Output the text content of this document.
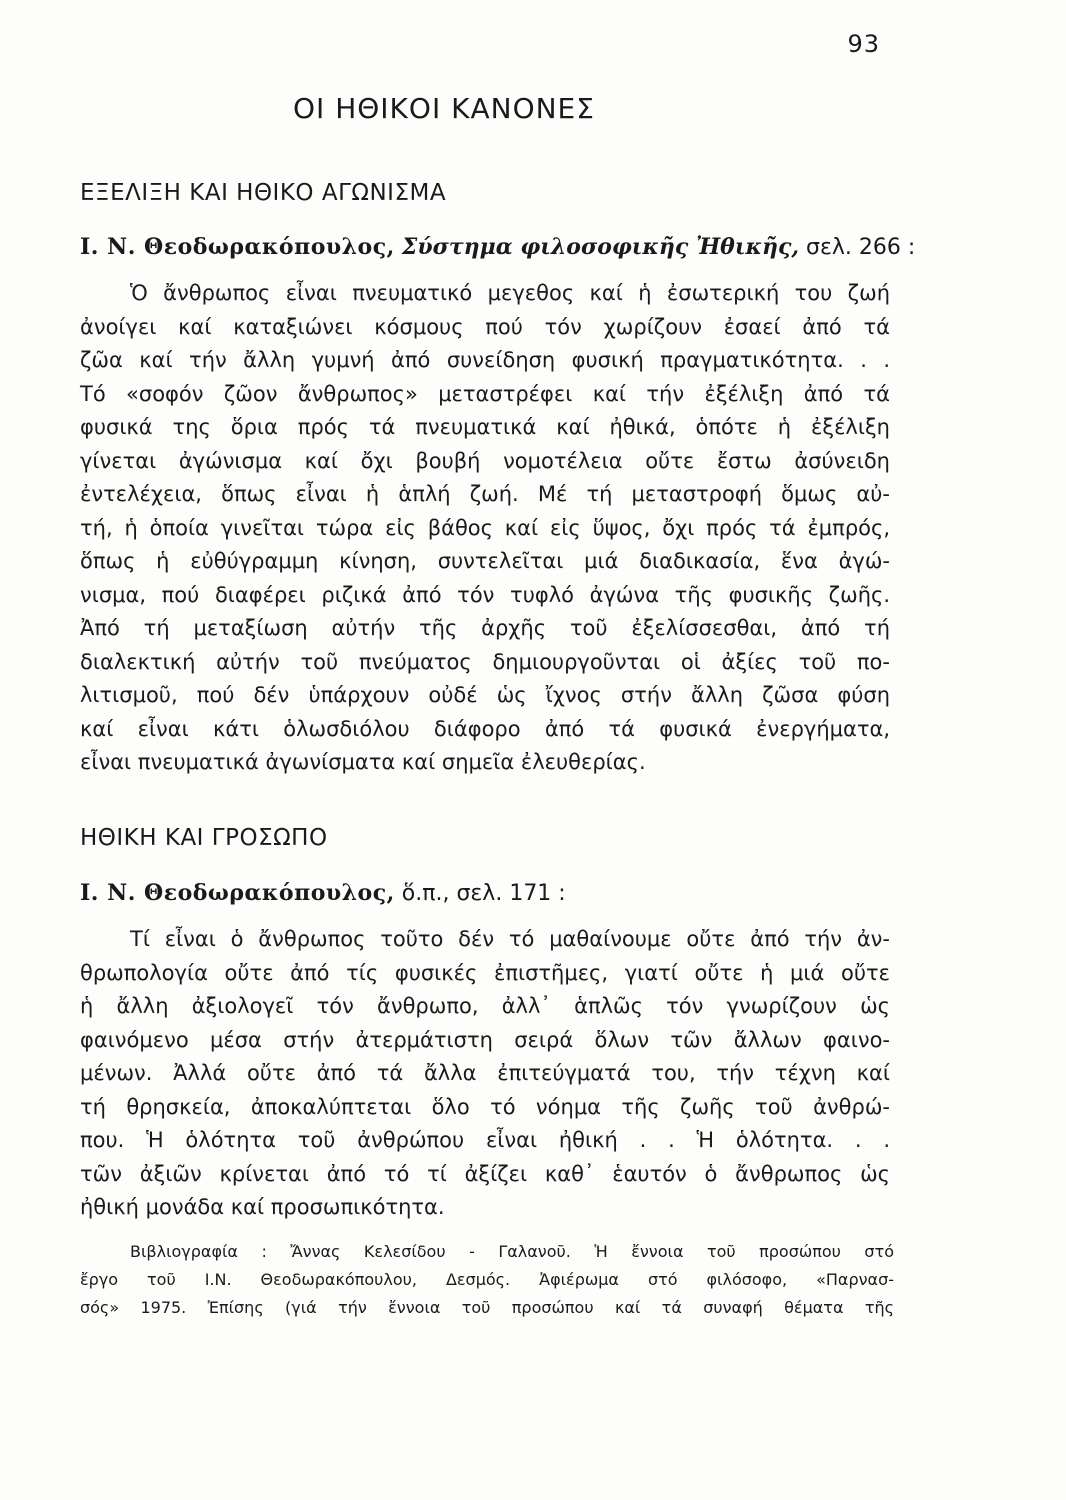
93
ΟΙ ΗΘΙΚΟΙ ΚΑΝΟΝΕΣ
ΕΞΕΛΙΞΗ ΚΑΙ ΗΘΙΚΟ ΑΓΩΝΙΣΜΑ
Ι. Ν. Θεοδωρακόπουλος, Σύστημα φιλοσοφικῆς Ἠθικῆς, σελ. 266 :
Ὁ ἄνθρωπος εἶναι πνευματικό μεγεθος καί ἡ ἐσωτερική του ζωή
ἀνοίγει καί καταξιώνει κόσμους πού τόν χωρίζουν ἐσαεί ἀπό τά
ζῶα καί τήν ἄλλη γυμνή ἀπό συνείδηση φυσική πραγματικότητα. . .
Τό «σοφόν ζῶον ἄνθρωπος» μεταστρέφει καί τήν ἐξέλιξη ἀπό τά
φυσικά της ὅρια πρός τά πνευματικά καί ἠθικά, ὁπότε ἡ ἐξέλιξη
γίνεται ἀγώνισμα καί ὄχι βουβή νομοτέλεια οὔτε ἔστω ἀσύνειδη
ἐντελέχεια, ὅπως εἶναι ἡ ἁπλή ζωή. Μέ τή μεταστροφή ὅμως αὐ-
τή, ἡ ὁποία γινεῖται τώρα εἰς βάθος καί εἰς ὕψος, ὄχι πρός τά ἐμπρός,
ὅπως ἡ εὐθύγραμμη κίνηση, συντελεῖται μιά διαδικασία, ἕνα ἀγώ-
νισμα, πού διαφέρει ριζικά ἀπό τόν τυφλό ἀγώνα τῆς φυσικῆς ζωῆς.
Ἀπό τή μεταξίωση αὐτήν τῆς ἀρχῆς τοῦ ἐξελίσσεσθαι, ἀπό τή
διαλεκτική αὐτήν τοῦ πνεύματος δημιουργοῦνται οἱ ἀξίες τοῦ πο-
λιτισμοῦ, πού δέν ὑπάρχουν οὐδέ ὡς ἴχνος στήν ἄλλη ζῶσα φύση
καί εἶναι κάτι ὁλωσδιόλου διάφορο ἀπό τά φυσικά ἐνεργήματα,
εἶναι πνευματικά ἀγωνίσματα καί σημεῖα ἐλευθερίας.
ΗΘΙΚΗ ΚΑΙ ΓΡΟΣΩΠΟ
Ι. Ν. Θεοδωρακόπουλος, ὅ.π., σελ. 171 :
Τί εἶναι ὁ ἄνθρωπος τοῦτο δέν τό μαθαίνουμε οὔτε ἀπό τήν ἀν-
θρωπολογία οὔτε ἀπό τίς φυσικές ἐπιστῆμες, γιατί οὔτε ἡ μιά οὔτε
ἡ ἄλλη ἀξιολογεῖ τόν ἄνθρωπο, ἀλλ᾽ ἁπλῶς τόν γνωρίζουν ὡς
φαινόμενο μέσα στήν ἀτερμάτιστη σειρά ὅλων τῶν ἄλλων φαινο-
μένων. Ἀλλά οὔτε ἀπό τά ἄλλα ἐπιτεύγματά του, τήν τέχνη καί
τή θρησκεία, ἀποκαλύπτεται ὅλο τό νόημα τῆς ζωῆς τοῦ ἀνθρώ-
που. Ἡ ὁλότητα τοῦ ἀνθρώπου εἶναι ἠθική . . Ἡ ὁλότητα. . .
τῶν ἀξιῶν κρίνεται ἀπό τό τί ἀξίζει καθ᾽ ἑαυτόν ὁ ἄνθρωπος ὡς
ἠθική μονάδα καί προσωπικότητα.
Βιβλιογραφία : Ἄννας Κελεσίδου - Γαλανοῦ. Ἡ ἔννοια τοῦ προσώπου στό
ἔργο τοῦ Ι.Ν. Θεοδωρακόπουλου, Δεσμός. Ἀφιέρωμα στό φιλόσοφο, «Παρνασ-
σός» 1975. Ἐπίσης (γιά τήν ἔννοια τοῦ προσώπου καί τά συναφή θέματα τῆς
